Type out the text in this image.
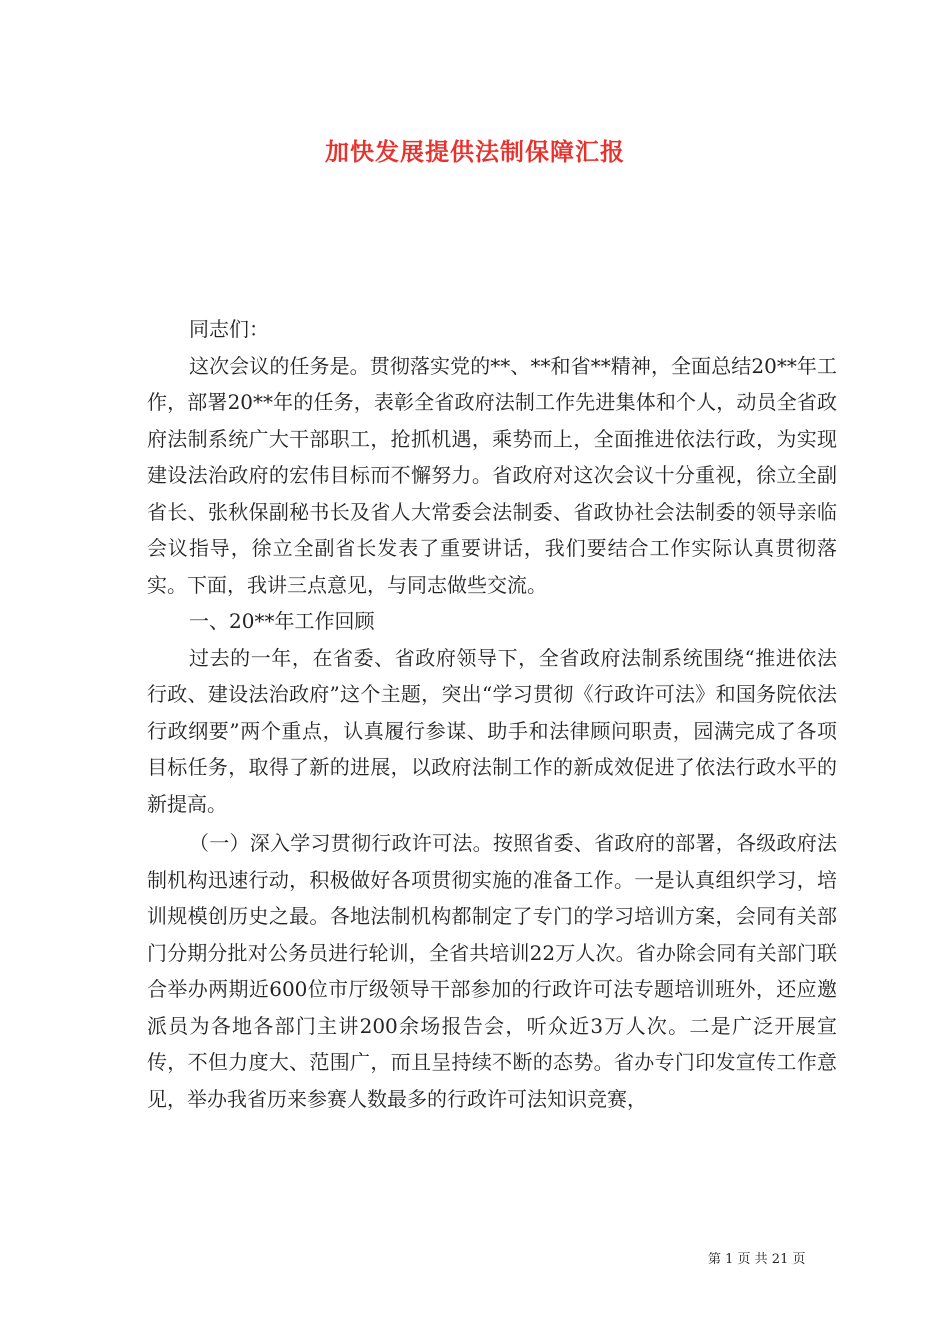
加快发展提供法制保障汇报

同志们：

这次会议的任务是。贯彻落实党的**、**和省**精神，全面总结20**年工作，部署20**年的任务，表彰全省政府法制工作先进集体和个人，动员全省政府法制系统广大干部职工，抢抓机遇，乘势而上，全面推进依法行政，为实现建设法治政府的宏伟目标而不懈努力。省政府对这次会议十分重视，徐立全副省长、张秋保副秘书长及省人大常委会法制委、省政协社会法制委的领导亲临会议指导，徐立全副省长发表了重要讲话，我们要结合工作实际认真贯彻落实。下面，我讲三点意见，与同志做些交流。

一、20**年工作回顾

过去的一年，在省委、省政府领导下，全省政府法制系统围绕“推进依法行政、建设法治政府”这个主题，突出“学习贯彻《行政许可法》和国务院依法行政纲要”两个重点，认真履行参谋、助手和法律顾问职责，园满完成了各项目标任务，取得了新的进展，以政府法制工作的新成效促进了依法行政水平的新提高。

（一）深入学习贯彻行政许可法。按照省委、省政府的部署，各级政府法制机构迅速行动，积极做好各项贯彻实施的准备工作。一是认真组织学习，培训规模创历史之最。各地法制机构都制定了专门的学习培训方案，会同有关部门分期分批对公务员进行轮训，全省共培训22万人次。省办除会同有关部门联合举办两期近600位市厅级领导干部参加的行政许可法专题培训班外，还应邀派员为各地各部门主讲200余场报告会，听众近3万人次。二是广泛开展宣传，不但力度大、范围广，而且呈持续不断的态势。省办专门印发宣传工作意见，举办我省历来参赛人数最多的行政许可法知识竞赛，

第 1 页 共 21 页
